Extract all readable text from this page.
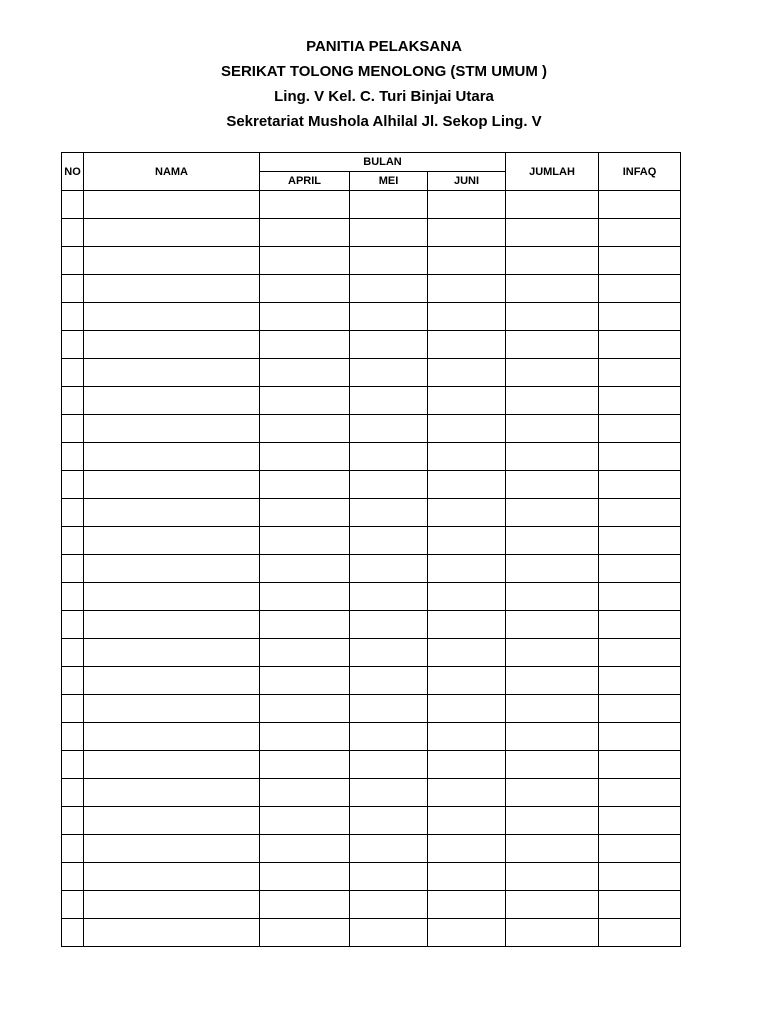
PANITIA PELAKSANA
SERIKAT TOLONG MENOLONG (STM UMUM )
Ling. V Kel. C. Turi Binjai Utara
Sekretariat Mushola Alhilal Jl. Sekop Ling. V
NO	NAMA	BULAN			JUMLAH	INFAQ
		APRIL	MEI	JUNI		
